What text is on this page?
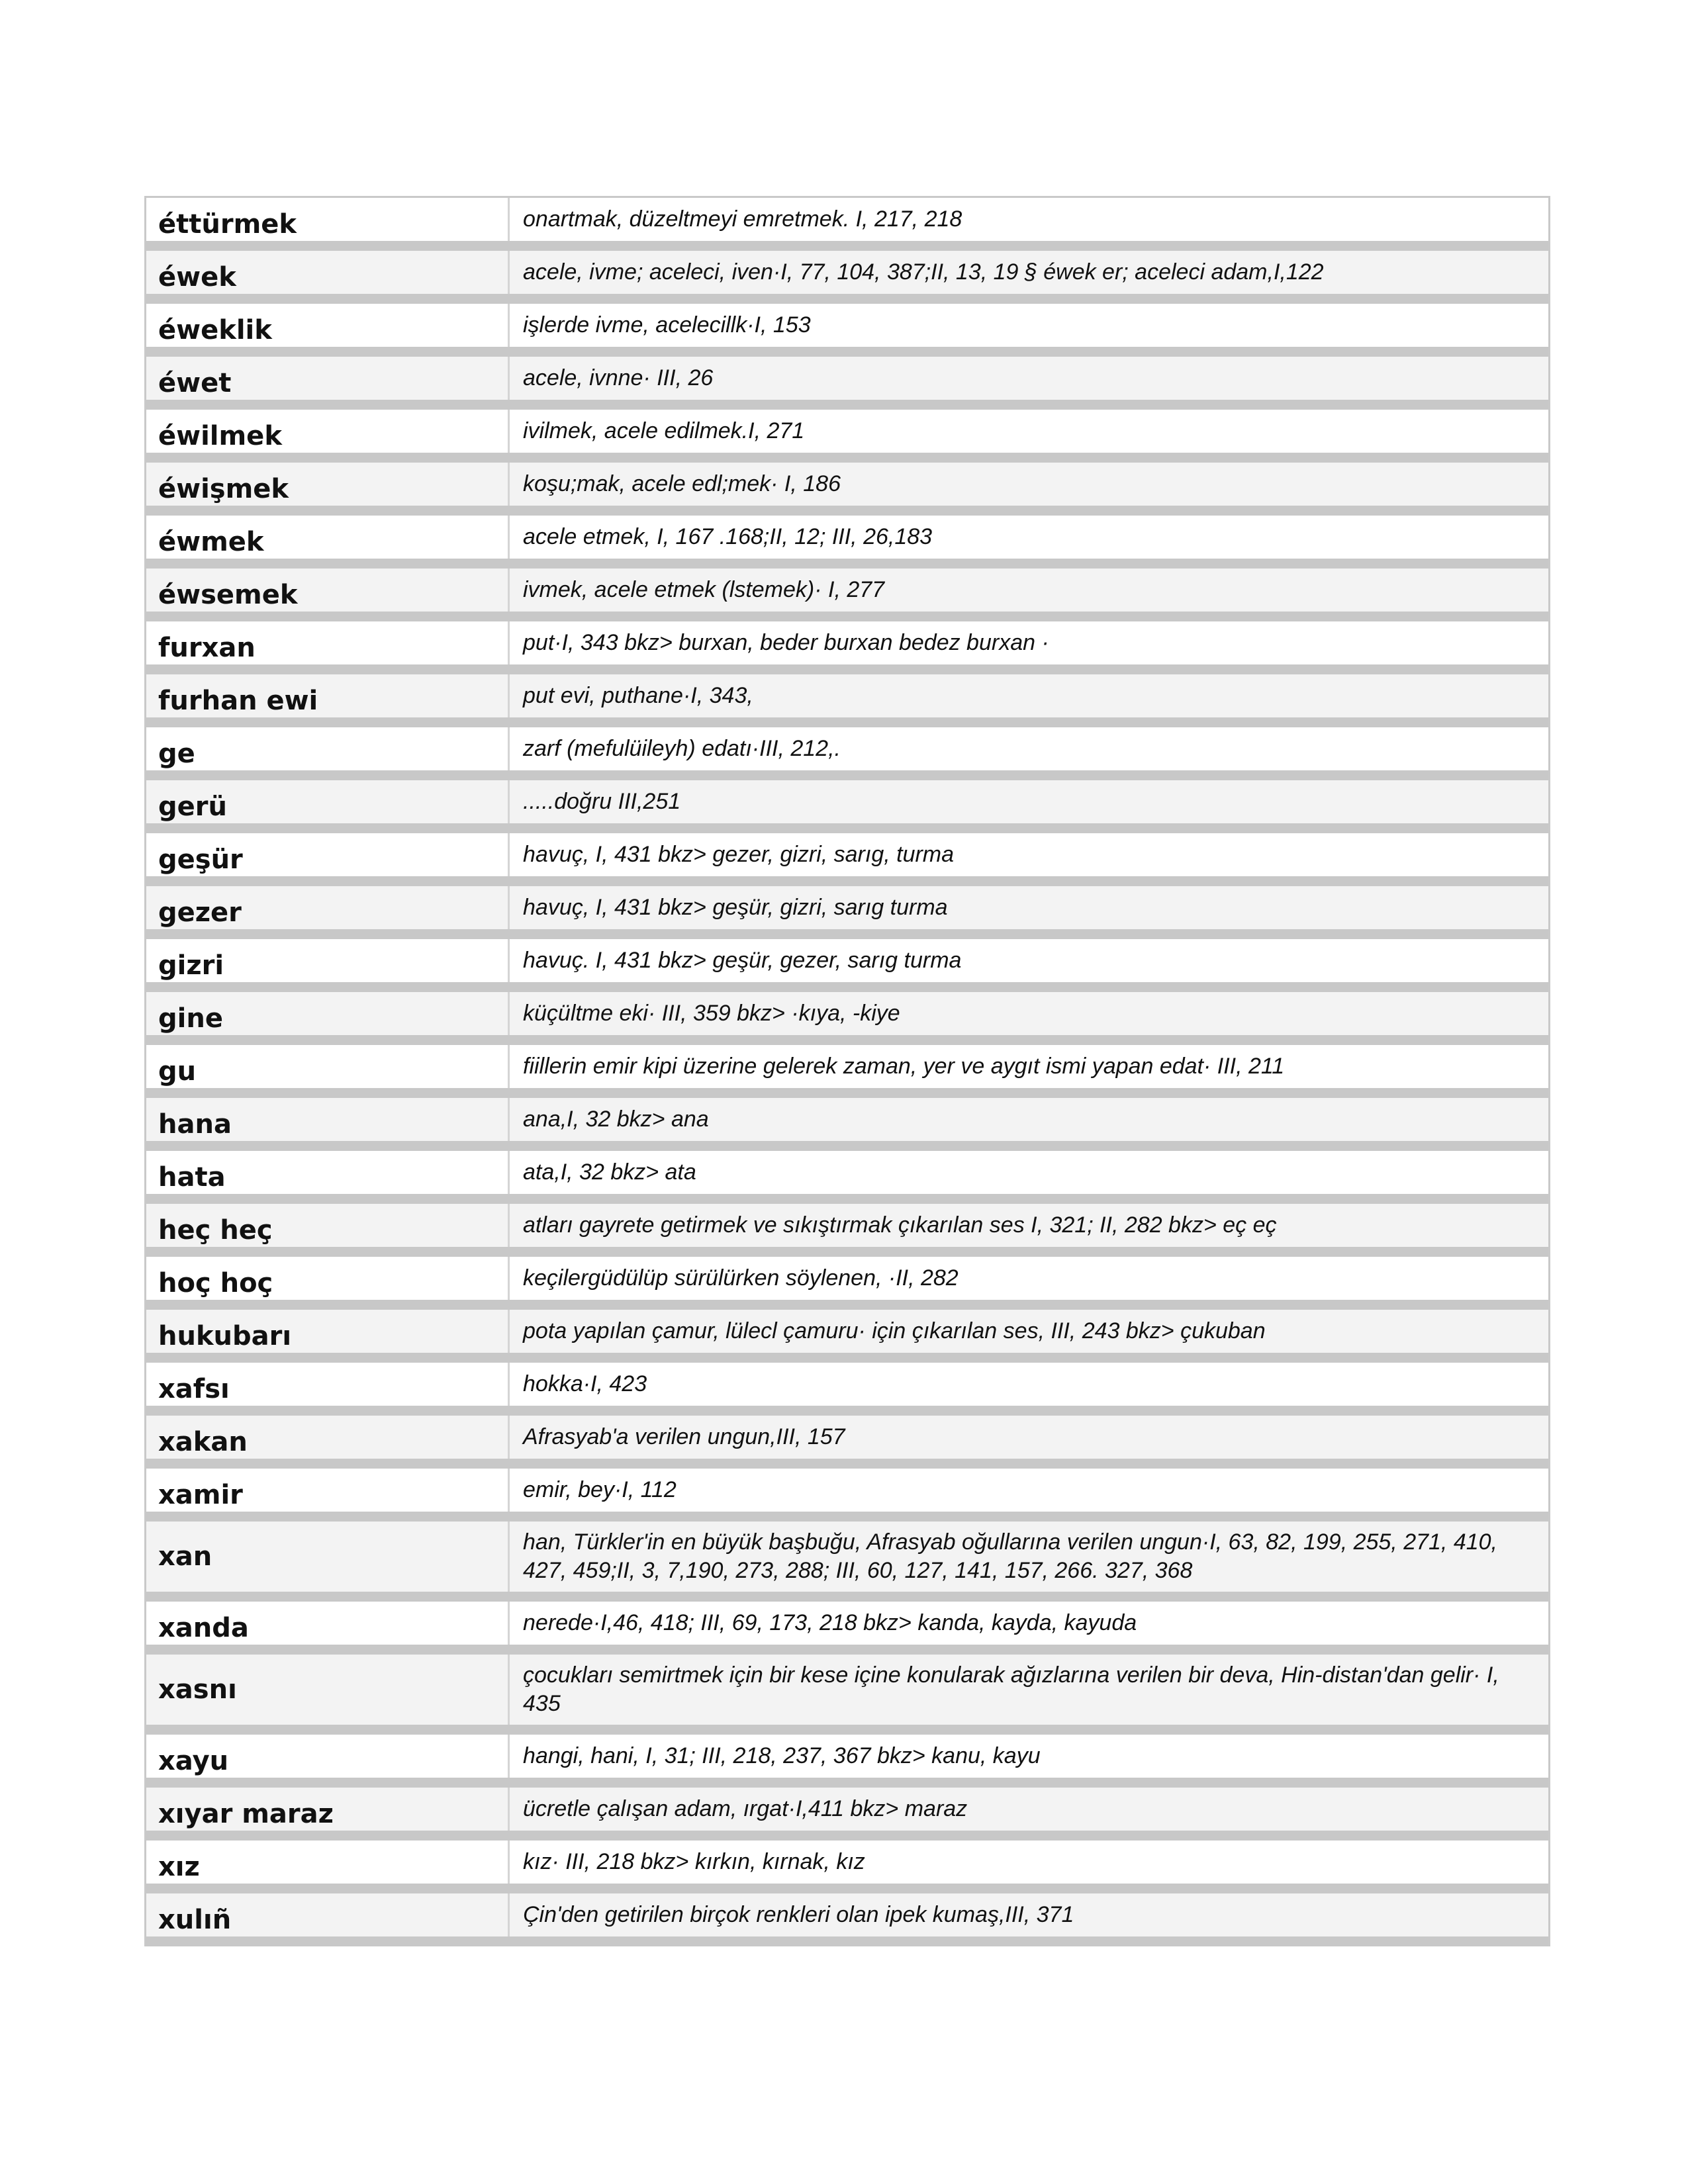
éttürmek	onartmak, düzeltmeyi emretmek. I, 217, 218
éwek	acele, ivme; aceleci, iven·I, 77, 104, 387;II, 13, 19 § éwek er; aceleci adam,I,122
éweklik	işlerde ivme, acelecillk·I, 153
éwet	acele, ivnne· III, 26
éwilmek	ivilmek, acele edilmek.I, 271
éwişmek	koşu;mak, acele edl;mek· I, 186
éwmek	acele etmek, I, 167 .168;II, 12; III, 26,183
éwsemek	ivmek, acele etmek (lstemek)· I, 277
furxan	put·I, 343 bkz> burxan, beder burxan bedez burxan ·
furhan ewi	put evi, puthane·I, 343,
ge	zarf (mefulüileyh) edatı·III, 212,.
gerü	.....doğru III,251
geşür	havuç, I, 431 bkz> gezer, gizri, sarıg, turma
gezer	havuç, I, 431 bkz> geşür, gizri, sarıg turma
gizri	havuç. I, 431 bkz> geşür, gezer, sarıg turma
gine	küçültme eki· III, 359 bkz> ·kıya, -kiye
gu	fiillerin emir kipi üzerine gelerek zaman, yer ve aygıt ismi yapan edat· III, 211
hana	ana,I, 32 bkz> ana
hata	ata,I, 32 bkz> ata
heç heç	atları gayrete getirmek ve sıkıştırmak çıkarılan ses I, 321; II, 282 bkz> eç eç
hoç hoç	keçilergüdülüp sürülürken söylenen, ·II, 282
hukubarı	pota yapılan çamur, lülecl çamuru· için çıkarılan ses, III, 243 bkz> çukuban
xafsı	hokka·I, 423
xakan	Afrasyab'a verilen ungun,III, 157
xamir	emir, bey·I, 112
xan	han, Türkler'in en büyük başbuğu, Afrasyab oğullarına verilen ungun·I, 63, 82, 199, 255, 271, 410, 427, 459;II, 3, 7,190, 273, 288; III, 60, 127, 141, 157, 266. 327, 368
xanda	nerede·I,46, 418; III, 69, 173, 218 bkz> kanda, kayda, kayuda
xasnı	çocukları semirtmek için bir kese içine konularak ağızlarına verilen bir deva, Hin-distan'dan gelir· I, 435
xayu	hangi, hani, I, 31; III, 218, 237, 367 bkz> kanu, kayu
xıyar maraz	ücretle çalışan adam, ırgat·I,411 bkz> maraz
xız	kız· III, 218 bkz> kırkın, kırnak, kız
xulıñ	Çin'den getirilen birçok renkleri olan ipek kumaş,III, 371
